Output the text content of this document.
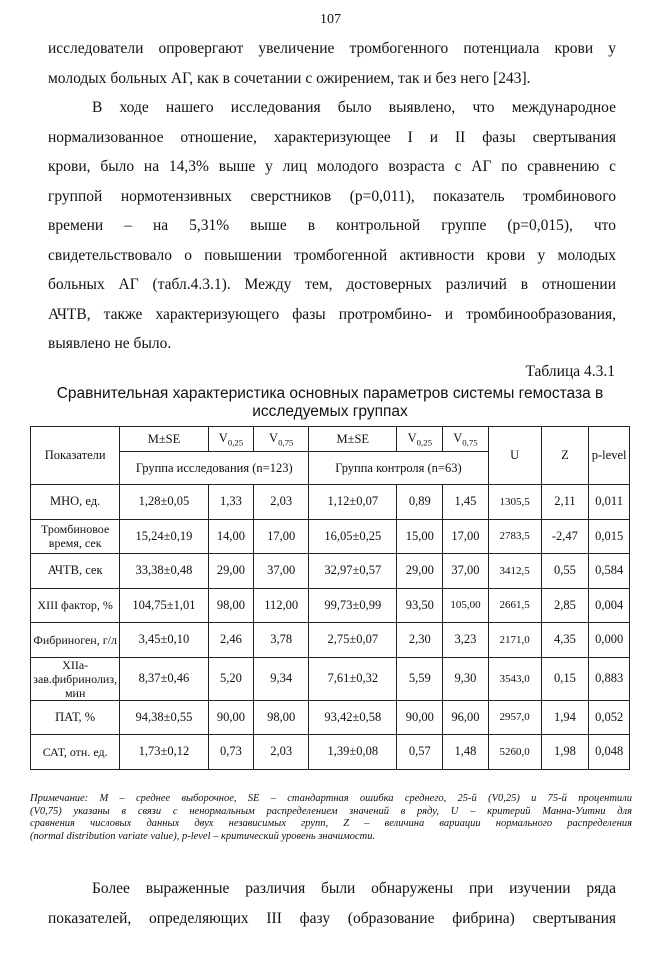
107
исследователи опровергают увеличение тромбогенного потенциала крови у
молодых больных АГ, как в сочетании с ожирением, так и без него [243].
В ходе нашего исследования было выявлено, что международное
нормализованное отношение, характеризующее I и II фазы свертывания
крови, было на 14,3% выше у лиц молодого возраста с АГ по сравнению с
группой нормотензивных сверстников (p=0,011), показатель тромбинового
времени – на 5,31% выше в контрольной группе (p=0,015), что
свидетельствовало о повышении тромбогенной активности крови у молодых
больных АГ (табл.4.3.1). Между тем, достоверных различий в отношении
АЧТВ, также характеризующего фазы протромбино- и тромбинообразования,
выявлено не было.
Таблица 4.3.1
Сравнительная характеристика основных параметров системы гемостаза в
исследуемых группах
Показатели	M±SE	$V_{0,25}$	$V_{0,75}$	M±SE	$V_{0,25}$	$V_{0,75}$	U	Z	p-level
	Группа исследования (n=123)			Группа контроля (n=63)					
МНО, ед.	1,28±0,05	1,33	2,03	1,12±0,07	0,89	1,45	1305,5	2,11	0,011
Тромбиновое время, сек	15,24±0,19	14,00	17,00	16,05±0,25	15,00	17,00	2783,5	-2,47	0,015
АЧТВ, сек	33,38±0,48	29,00	37,00	32,97±0,57	29,00	37,00	3412,5	0,55	0,584
XIII фактор, %	104,75±1,01	98,00	112,00	99,73±0,99	93,50	105,00	2661,5	2,85	0,004
Фибриноген, г/л	3,45±0,10	2,46	3,78	2,75±0,07	2,30	3,23	2171,0	4,35	0,000
XIIa-зав.фибринолиз, мин	8,37±0,46	5,20	9,34	7,61±0,32	5,59	9,30	3543,0	0,15	0,883
ПАТ, %	94,38±0,55	90,00	98,00	93,42±0,58	90,00	96,00	2957,0	1,94	0,052
САТ, отн. ед.	1,73±0,12	0,73	2,03	1,39±0,08	0,57	1,48	5260,0	1,98	0,048
Примечание: M – среднее выборочное, SE – стандартная ошибка среднего, 25-й (V0,25) и 75-й процентили
(V0,75) указаны в связи с ненормальным распределением значений в ряду, U – критерий Манна-Уитни для
сравнения числовых данных двух независимых групп, Z – величина вариации нормального распределения
(normal distribution variate value), p-level – критический уровень значимости.
Более выраженные различия были обнаружены при изучении ряда
показателей, определяющих III фазу (образование фибрина) свертывания
